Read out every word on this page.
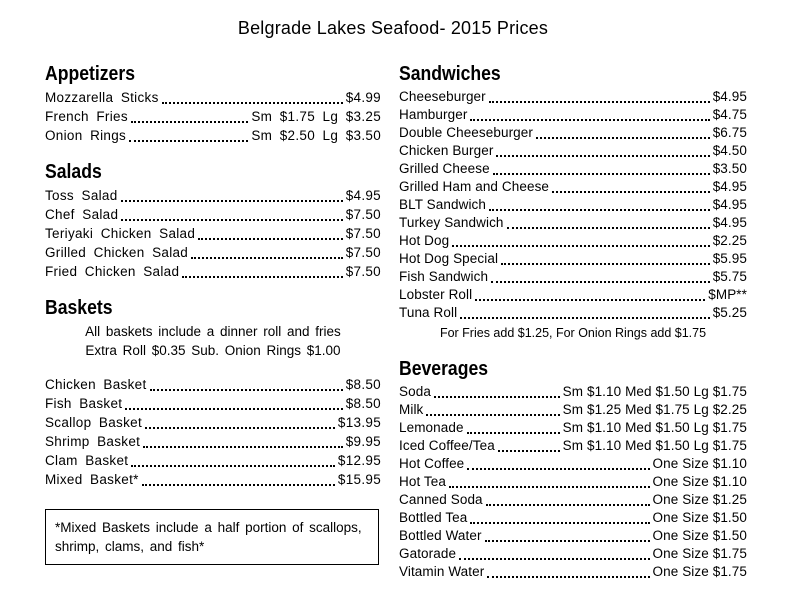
Belgrade Lakes Seafood- 2015 Prices
Appetizers
Mozzarella Sticks	$4.99
French Fries	Sm $1.75 Lg $3.25
Onion Rings	Sm $2.50 Lg $3.50
Salads
Toss Salad	$4.95
Chef Salad	$7.50
Teriyaki Chicken Salad	$7.50
Grilled Chicken Salad	$7.50
Fried Chicken Salad	$7.50
Baskets
All baskets include a dinner roll and fries
Extra Roll $0.35 Sub. Onion Rings $1.00
Chicken Basket	$8.50
Fish Basket	$8.50
Scallop Basket	$13.95
Shrimp Basket	$9.95
Clam Basket	$12.95
Mixed Basket*	$15.95
*Mixed Baskets include a half portion of scallops, shrimp, clams, and fish*
Sandwiches
Cheeseburger	$4.95
Hamburger	$4.75
Double Cheeseburger	$6.75
Chicken Burger	$4.50
Grilled Cheese	$3.50
Grilled Ham and Cheese	$4.95
BLT Sandwich	$4.95
Turkey Sandwich	$4.95
Hot Dog	$2.25
Hot Dog Special	$5.95
Fish Sandwich	$5.75
Lobster Roll	$MP**
Tuna Roll	$5.25
For Fries add $1.25, For Onion Rings add $1.75
Beverages
Soda	Sm $1.10 Med $1.50 Lg $1.75
Milk	Sm $1.25 Med $1.75 Lg $2.25
Lemonade	Sm $1.10 Med $1.50 Lg $1.75
Iced Coffee/Tea	Sm $1.10 Med $1.50 Lg $1.75
Hot Coffee	One Size $1.10
Hot Tea	One Size $1.10
Canned Soda	One Size $1.25
Bottled Tea	One Size $1.50
Bottled Water	One Size $1.50
Gatorade	One Size $1.75
Vitamin Water	One Size $1.75
